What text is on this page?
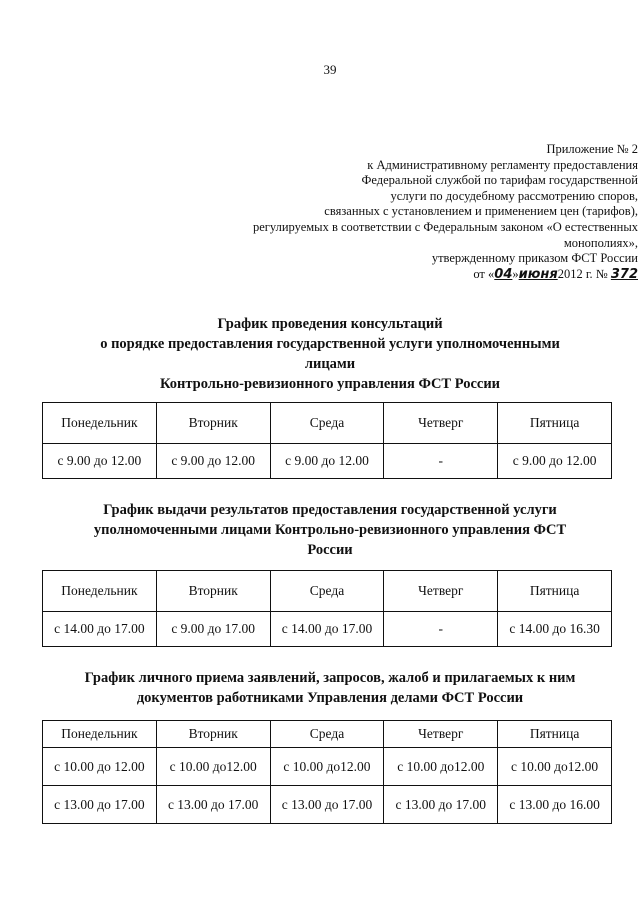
39
Приложение № 2
к Административному регламенту предоставления
Федеральной службой по тарифам государственной
услуги по досудебному рассмотрению споров,
связанных с установлением и применением цен (тарифов),
регулируемых в соответствии с Федеральным законом «О естественных
монополиях»,
утвержденному приказом ФСТ России
от «04»июня2012 г. № 372
График проведения консультаций
о порядке предоставления государственной услуги уполномоченными
лицами
Контрольно-ревизионного управления ФСТ России
Понедельник	Вторник	Среда	Четверг	Пятница
с 9.00 до 12.00	с 9.00 до 12.00	с 9.00 до 12.00	-	с 9.00 до 12.00
График выдачи результатов предоставления государственной услуги
уполномоченными лицами Контрольно-ревизионного управления ФСТ
России
Понедельник	Вторник	Среда	Четверг	Пятница
с 14.00 до 17.00	с 9.00 до 17.00	с 14.00 до 17.00	-	с 14.00 до 16.30
График личного приема заявлений, запросов, жалоб и прилагаемых к ним
документов работниками Управления делами ФСТ России
Понедельник	Вторник	Среда	Четверг	Пятница
с 10.00 до 12.00	с 10.00 до12.00	с 10.00 до12.00	с 10.00 до12.00	с 10.00 до12.00
с 13.00 до 17.00	с 13.00 до 17.00	с 13.00 до 17.00	с 13.00 до 17.00	с 13.00 до 16.00
